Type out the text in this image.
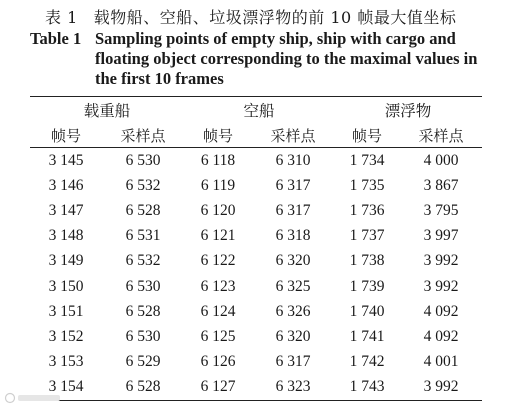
表 1 载物船、空船、垃圾漂浮物的前 10 帧最大值坐标
Table 1 Sampling points of empty ship, ship with cargo and floating object corresponding to the maximal values in the first 10 frames
载重船		空船		漂浮物	
帧号	采样点	帧号	采样点	帧号	采样点
3 145	6 530	6 118	6 310	1 734	4 000
3 146	6 532	6 119	6 317	1 735	3 867
3 147	6 528	6 120	6 317	1 736	3 795
3 148	6 531	6 121	6 318	1 737	3 997
3 149	6 532	6 122	6 320	1 738	3 992
3 150	6 530	6 123	6 325	1 739	3 992
3 151	6 528	6 124	6 326	1 740	4 092
3 152	6 530	6 125	6 320	1 741	4 092
3 153	6 529	6 126	6 317	1 742	4 001
3 154	6 528	6 127	6 323	1 743	3 992
